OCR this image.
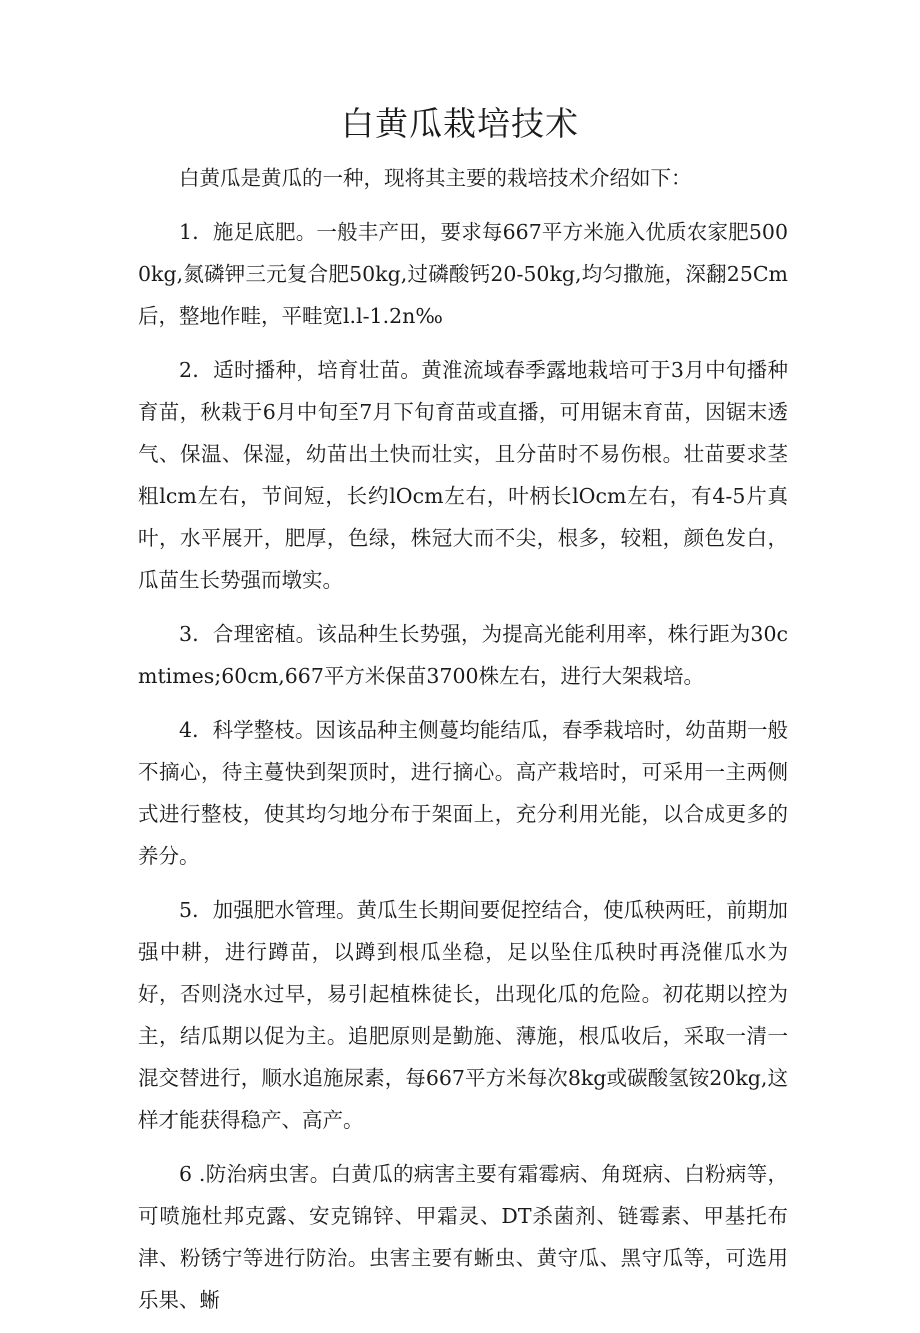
白黄瓜栽培技术

白黄瓜是黄瓜的一种，现将其主要的栽培技术介绍如下：

1．施足底肥。一般丰产田，要求每667平方米施入优质农家肥5000kg,氮磷钾三元复合肥50kg,过磷酸钙20-50kg,均匀撒施，深翻25Cm后，整地作畦，平畦宽l.l-1.2n‰

2．适时播种，培育壮苗。黄淮流域春季露地栽培可于3月中旬播种育苗，秋栽于6月中旬至7月下旬育苗或直播，可用锯末育苗，因锯末透气、保温、保湿，幼苗出土快而壮实，且分苗时不易伤根。壮苗要求茎粗lcm左右，节间短，长约lOcm左右，叶柄长lOcm左右，有4-5片真叶，水平展开，肥厚，色绿，株冠大而不尖，根多，较粗，颜色发白，瓜苗生长势强而墩实。

3．合理密植。该品种生长势强，为提高光能利用率，株行距为30cmtimes;60cm,667平方米保苗3700株左右，进行大架栽培。

4．科学整枝。因该品种主侧蔓均能结瓜，春季栽培时，幼苗期一般不摘心，待主蔓快到架顶时，进行摘心。高产栽培时，可采用一主两侧式进行整枝，使其均匀地分布于架面上，充分利用光能，以合成更多的养分。

5．加强肥水管理。黄瓜生长期间要促控结合，使瓜秧两旺，前期加强中耕，进行蹲苗，以蹲到根瓜坐稳，足以坠住瓜秧时再浇催瓜水为好，否则浇水过早，易引起植株徒长，出现化瓜的危险。初花期以控为主，结瓜期以促为主。追肥原则是勤施、薄施，根瓜收后，采取一清一混交替进行，顺水追施尿素，每667平方米每次8kg或碳酸氢铵20kg,这样才能获得稳产、高产。

6 .防治病虫害。白黄瓜的病害主要有霜霉病、角斑病、白粉病等，可喷施杜邦克露、安克锦锌、甲霜灵、DT杀菌剂、链霉素、甲基托布津、粉锈宁等进行防治。虫害主要有蜥虫、黄守瓜、黑守瓜等，可选用乐果、蜥
